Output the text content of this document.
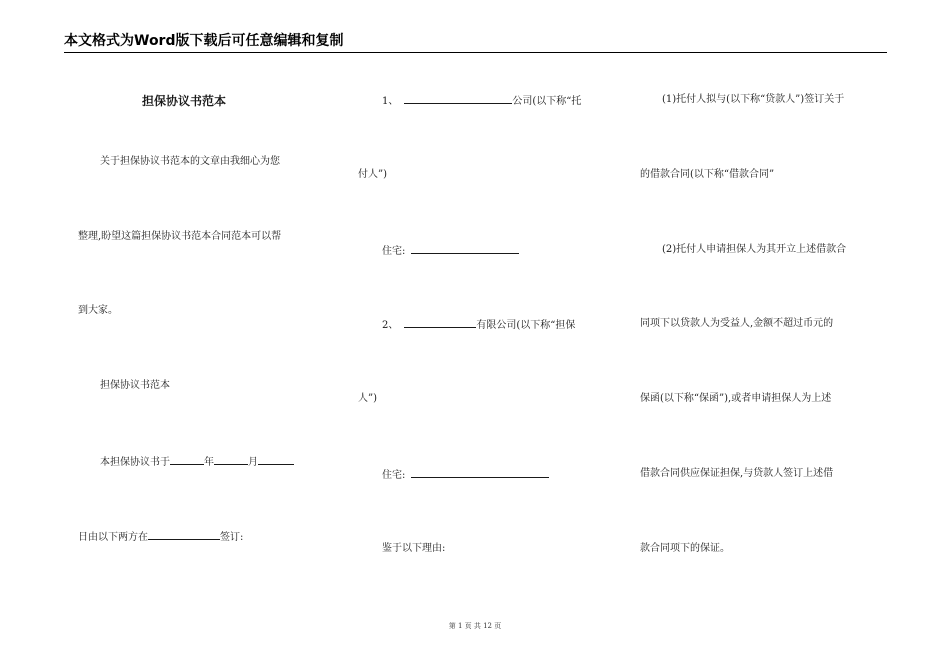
本文格式为Word版下载后可任意编辑和复制
担保协议书范本
关于担保协议书范本的文章由我细心为您
整理,盼望这篇担保协议书范本合同范本可以帮
到大家。
担保协议书范本
本担保协议书于	年	月
日由以下两方在	签订:
1、	公司(以下称“托
付人”)
住宅:
2、	有限公司(以下称“担保
人”)
住宅:
鉴于以下理由:
(1)托付人拟与(以下称“贷款人”)签订关于
的借款合同(以下称“借款合同”
(2)托付人申请担保人为其开立上述借款合
同项下以贷款人为受益人,金额不超过币元的
保函(以下称“保函”),或者申请担保人为上述
借款合同供应保证担保,与贷款人签订上述借
款合同项下的保证。
第 1 页 共 12 页
